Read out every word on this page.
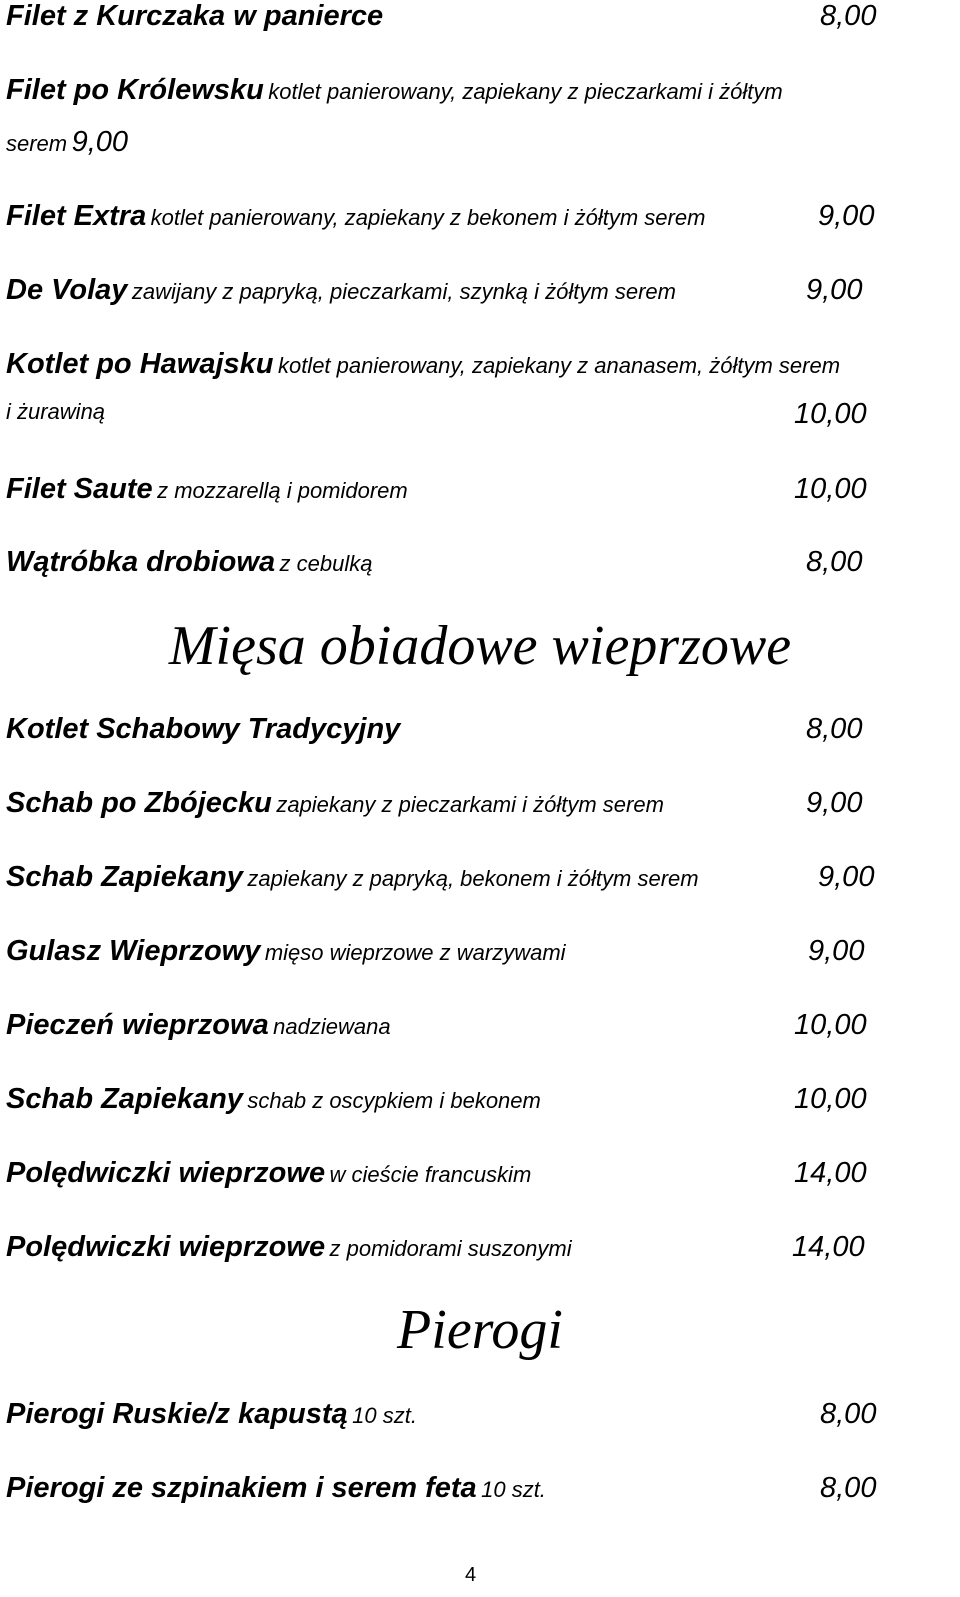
Filet z Kurczaka w panierce	8,00
Filet po Królewsku kotlet panierowany, zapiekany z pieczarkami i żółtym
serem 9,00
Filet Extra kotlet panierowany, zapiekany z bekonem i żółtym serem	9,00
De Volay zawijany z papryką, pieczarkami, szynką i żółtym serem	9,00
Kotlet po Hawajsku kotlet panierowany, zapiekany z ananasem, żółtym serem
i żurawiną	10,00
Filet Saute z mozzarellą i pomidorem	10,00
Wątróbka drobiowa z cebulką	8,00
Mięsa obiadowe wieprzowe
Kotlet Schabowy Tradycyjny	8,00
Schab po Zbójecku zapiekany z pieczarkami i żółtym serem	9,00
Schab Zapiekany zapiekany z papryką, bekonem i żółtym serem	9,00
Gulasz Wieprzowy mięso wieprzowe z warzywami	9,00
Pieczeń wieprzowa nadziewana	10,00
Schab Zapiekany schab z oscypkiem i bekonem	10,00
Polędwiczki wieprzowe w cieście francuskim	14,00
Polędwiczki wieprzowe z pomidorami suszonymi	14,00
Pierogi
Pierogi Ruskie/z kapustą 10 szt.	8,00
Pierogi ze szpinakiem i serem feta 10 szt.	8,00
4
